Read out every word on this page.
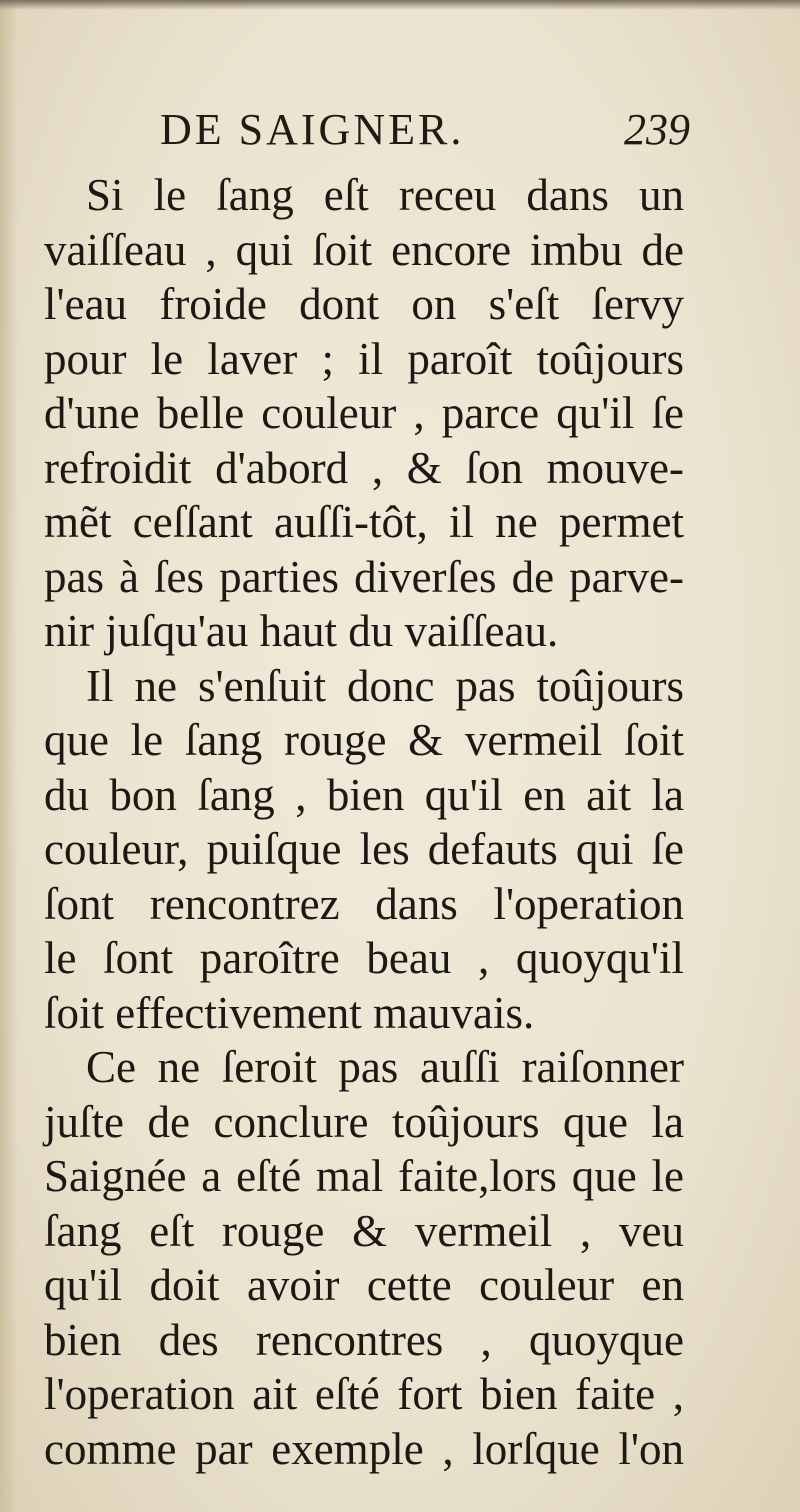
DE SAIGNER.	239
Si le ſang eſt receu dans un
vaiſſeau , qui ſoit encore imbu de
l'eau froide dont on s'eſt ſervy
pour le laver ; il paroît toûjours
d'une belle couleur , parce qu'il ſe
refroidit d'abord , & ſon mouve-
mẽt ceſſant auſſi-tôt, il ne permet
pas à ſes parties diverſes de parve-
nir juſqu'au haut du vaiſſeau.
Il ne s'enſuit donc pas toûjours
que le ſang rouge & vermeil ſoit
du bon ſang , bien qu'il en ait la
couleur, puiſque les defauts qui ſe
ſont rencontrez dans l'operation
le ſont paroître beau , quoyqu'il
ſoit effectivement mauvais.
Ce ne ſeroit pas auſſi raiſonner
juſte de conclure toûjours que la
Saignée a eſté mal faite,lors que le
ſang eſt rouge & vermeil , veu
qu'il doit avoir cette couleur en
bien des rencontres , quoyque
l'operation ait eſté fort bien faite ,
comme par exemple , lorſque l'on
